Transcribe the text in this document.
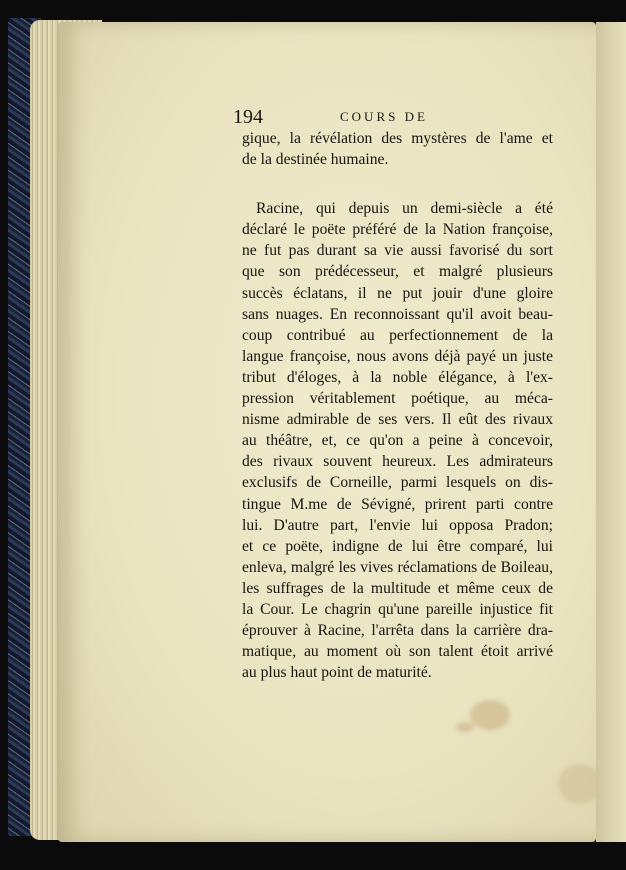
194	COURS DE
gique, la révélation des mystères de l'ame et
de la destinée humaine.
Racine, qui depuis un demi-siècle a été
déclaré le poëte préféré de la Nation françoise,
ne fut pas durant sa vie aussi favorisé du sort
que son prédécesseur, et malgré plusieurs
succès éclatans, il ne put jouir d'une gloire
sans nuages. En reconnoissant qu'il avoit beau-
coup contribué au perfectionnement de la
langue françoise, nous avons déjà payé un juste
tribut d'éloges, à la noble élégance, à l'ex-
pression véritablement poétique, au méca-
nisme admirable de ses vers. Il eût des rivaux
au théâtre, et, ce qu'on a peine à concevoir,
des rivaux souvent heureux. Les admirateurs
exclusifs de Corneille, parmi lesquels on dis-
tingue M.me de Sévigné, prirent parti contre
lui. D'autre part, l'envie lui opposa Pradon;
et ce poëte, indigne de lui être comparé, lui
enleva, malgré les vives réclamations de Boileau,
les suffrages de la multitude et même ceux de
la Cour. Le chagrin qu'une pareille injustice fit
éprouver à Racine, l'arrêta dans la carrière dra-
matique, au moment où son talent étoit arrivé
au plus haut point de maturité.
